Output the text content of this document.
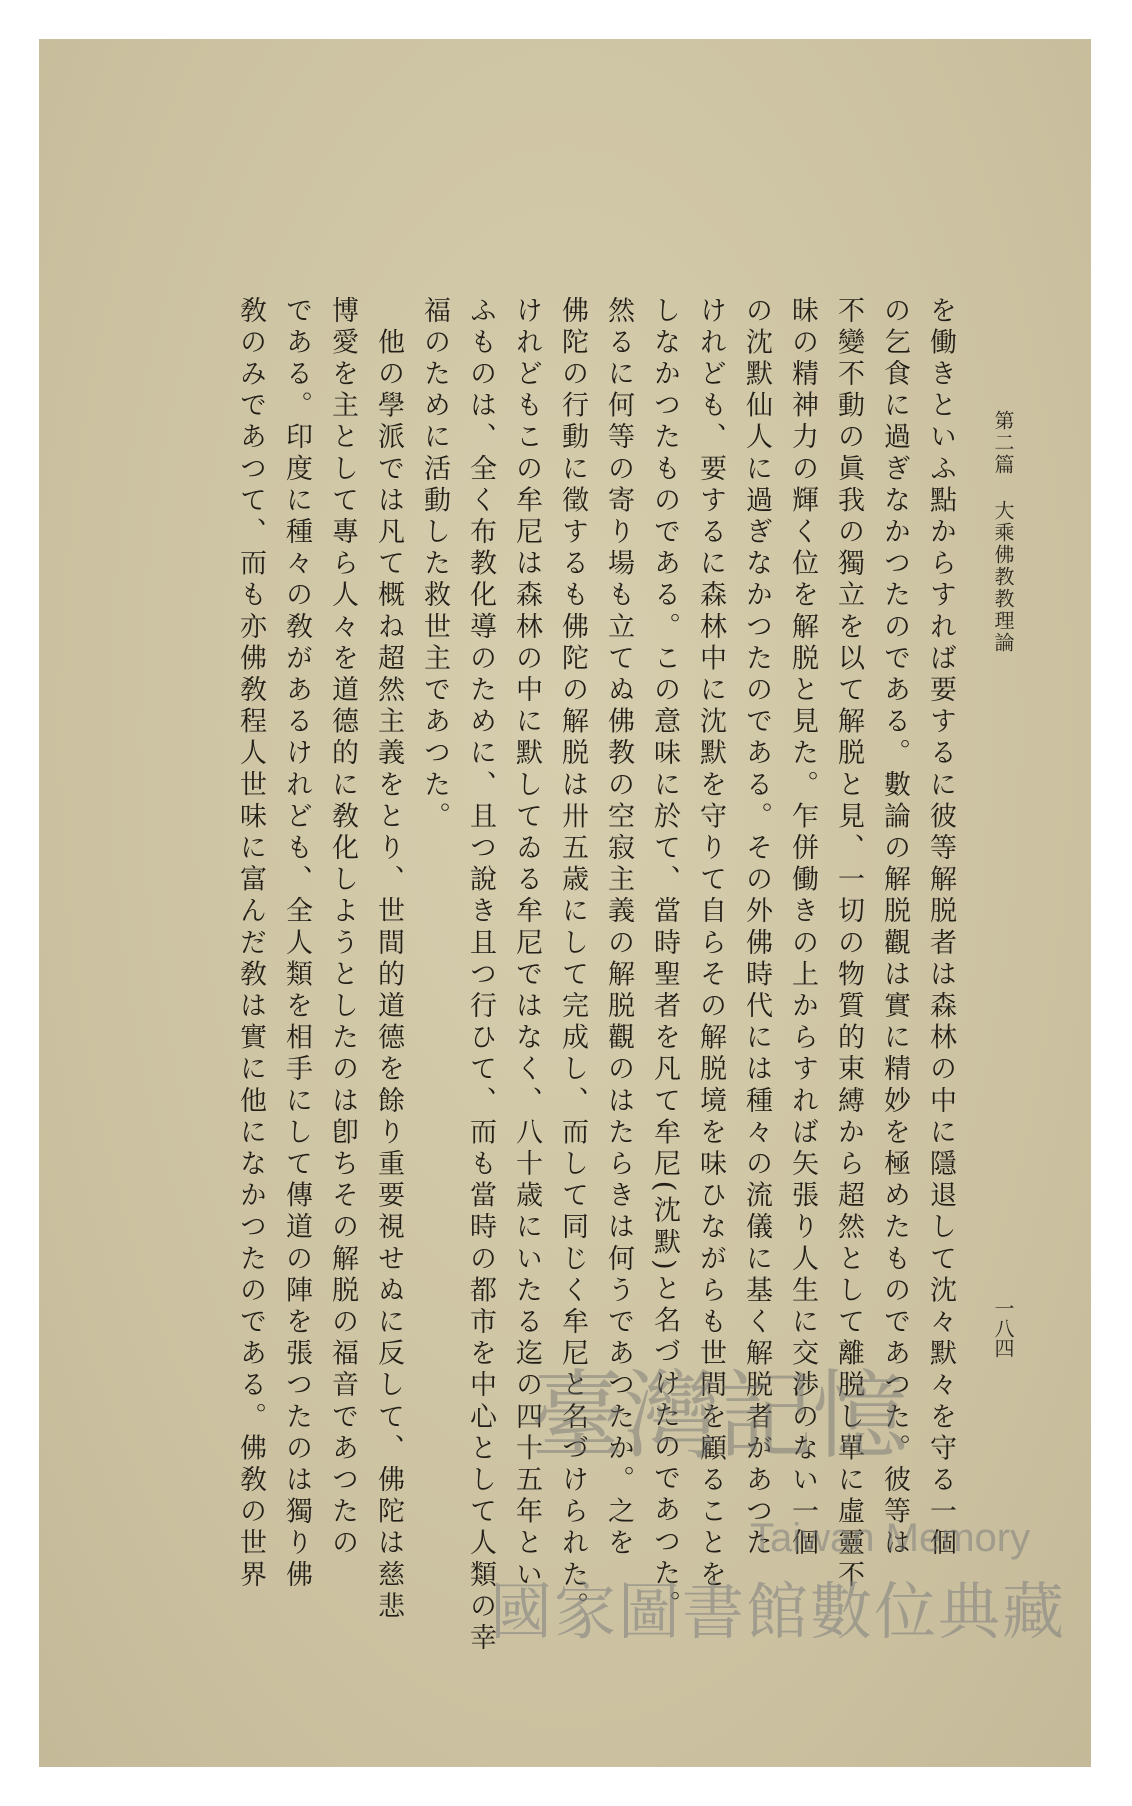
第二篇大乘佛教教理論
一八四
を働きといふ點からすれば要するに彼等解脱者は森林の中に隱退して沈々默々を守る一個
の乞食に過ぎなかつたのである。數論の解脱觀は實に精妙を極めたものであつた。彼等は
不變不動の眞我の獨立を以て解脱と見、一切の物質的束縛から超然として離脱し單に虛靈不
昧の精神力の輝く位を解脱と見た。乍併働きの上からすれば矢張り人生に交渉のない一個
の沈默仙人に過ぎなかつたのである。その外佛時代には種々の流儀に基く解脱者があつた
けれども、要するに森林中に沈默を守りて自らその解脱境を味ひながらも世間を顧ることを
しなかつたものである。この意味に於て、當時聖者を凡て牟尼(沈默)と名づけたのであつた。
然るに何等の寄り場も立てぬ佛教の空寂主義の解脱觀のはたらきは何うであつたか。之を
佛陀の行動に徵するも佛陀の解脱は卅五歳にして完成し、而して同じく牟尼と名づけられた。
けれどもこの牟尼は森林の中に默してゐる牟尼ではなく、八十歳にいたる迄の四十五年とい
ふものは、全く布教化導のために、且つ說き且つ行ひて、而も當時の都市を中心として人類の幸
福のために活動した救世主であつた。
　他の學派では凡て概ね超然主義をとり、世間的道德を餘り重要視せぬに反して、佛陀は慈悲
博愛を主として專ら人々を道德的に敎化しようとしたのは卽ちその解脱の福音であつたの
である。印度に種々の敎があるけれども、全人類を相手にして傳道の陣を張つたのは獨り佛
敎のみであつて、而も亦佛敎程人世味に富んだ敎は實に他になかつたのである。佛敎の世界	臺灣記憶
Taiwan Memory
國家圖書館數位典藏
